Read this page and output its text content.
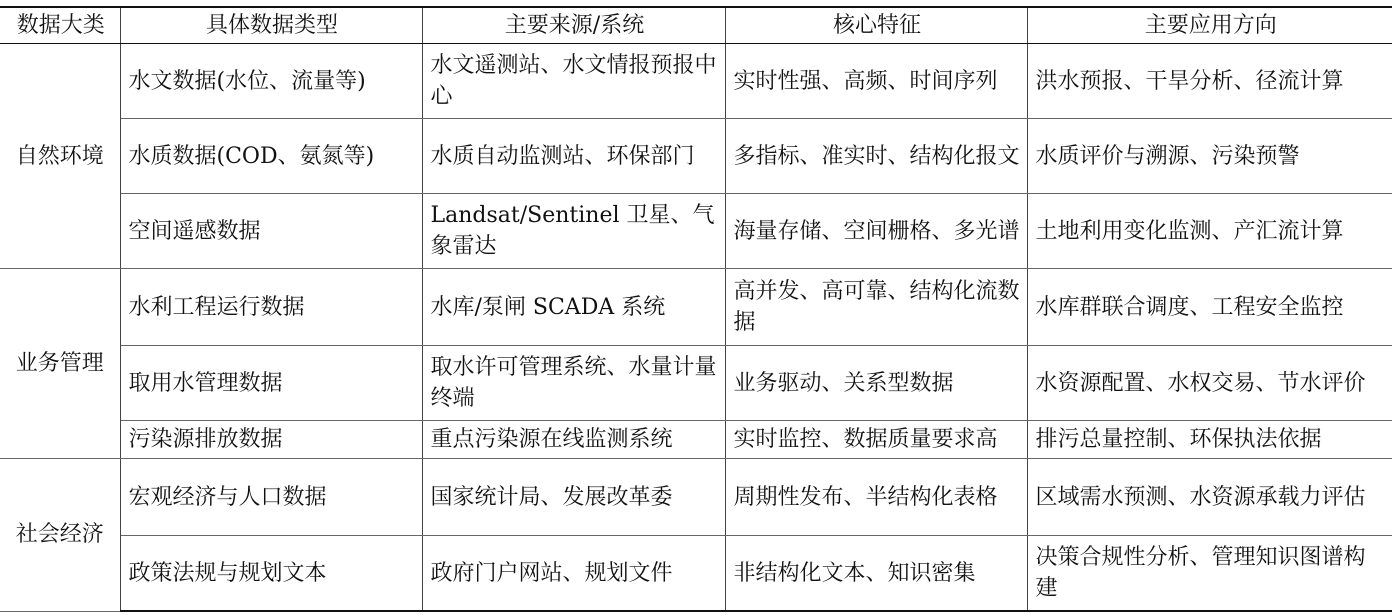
数据大类	具体数据类型	主要来源/系统	核心特征	主要应用方向
自然环境	水文数据(水位、流量等)	水文遥测站、水文情报预报中心	实时性强、高频、时间序列	洪水预报、干旱分析、径流计算
	水质数据(COD、氨氮等)	水质自动监测站、环保部门	多指标、准实时、结构化报文	水质评价与溯源、污染预警
	空间遥感数据	Landsat/Sentinel 卫星、气象雷达	海量存储、空间栅格、多光谱	土地利用变化监测、产汇流计算
业务管理	水利工程运行数据	水库/泵闸 SCADA 系统	高并发、高可靠、结构化流数据	水库群联合调度、工程安全监控
	取用水管理数据	取水许可管理系统、水量计量终端	业务驱动、关系型数据	水资源配置、水权交易、节水评价
	污染源排放数据	重点污染源在线监测系统	实时监控、数据质量要求高	排污总量控制、环保执法依据
社会经济	宏观经济与人口数据	国家统计局、发展改革委	周期性发布、半结构化表格	区域需水预测、水资源承载力评估
	政策法规与规划文本	政府门户网站、规划文件	非结构化文本、知识密集	决策合规性分析、管理知识图谱构建
